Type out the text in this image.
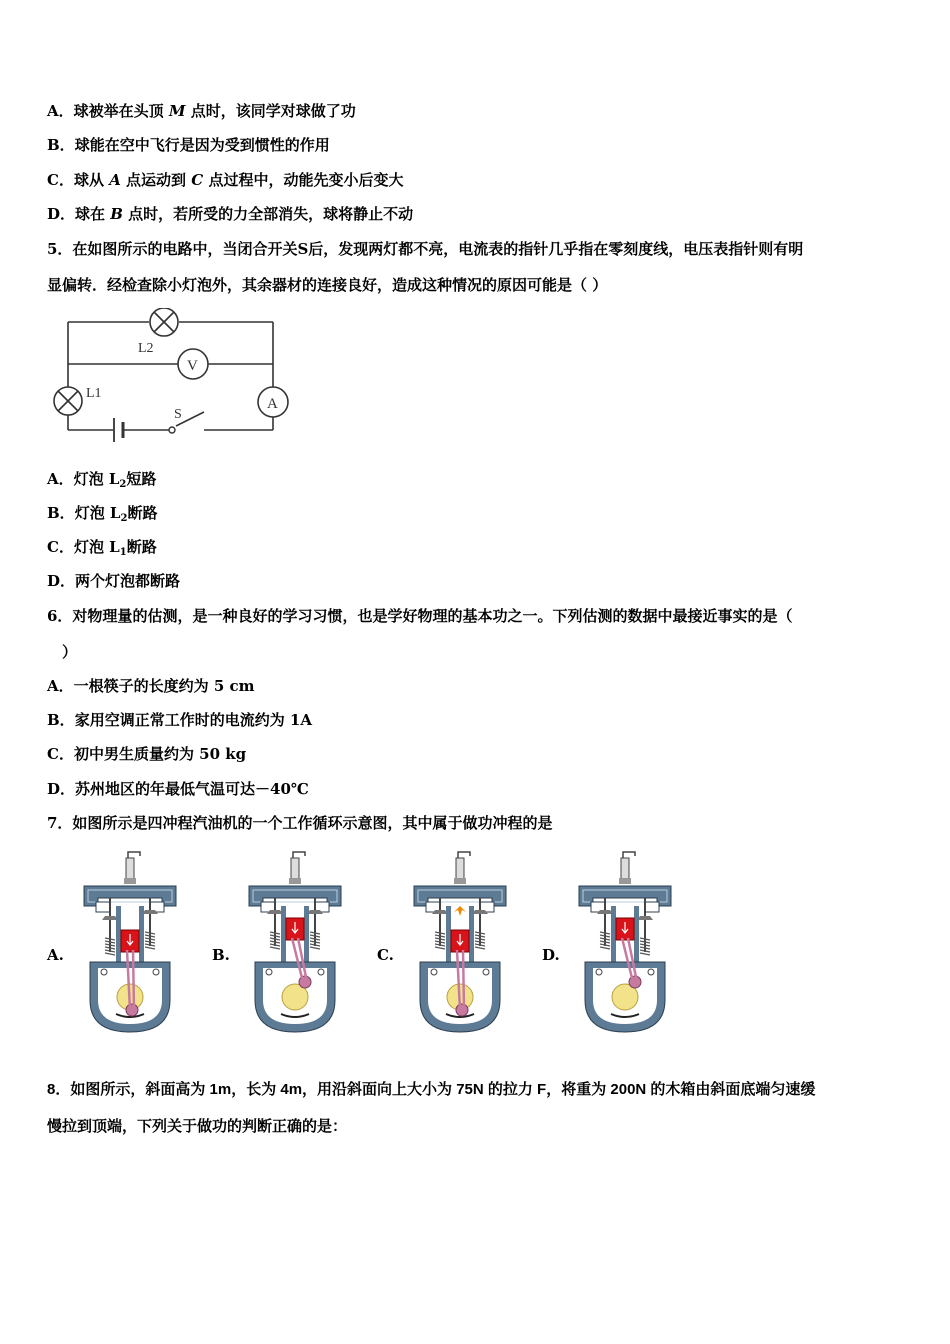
A．球被举在头顶 M 点时，该同学对球做了功
B．球能在空中飞行是因为受到惯性的作用
C．球从 A 点运动到 C 点过程中，动能先变小后变大
D．球在 B 点时，若所受的力全部消失，球将静止不动
5．在如图所示的电路中，当闭合开关S后，发现两灯都不亮，电流表的指针几乎指在零刻度线，电压表指针则有明
显偏转．经检查除小灯泡外，其余器材的连接良好，造成这种情况的原因可能是（ ）
L2
V
L1
A
S
A．灯泡 $L_2$短路
B．灯泡 $L_2$断路
C．灯泡 $L_1$断路
D．两个灯泡都断路
6．对物理量的估测，是一种良好的学习习惯，也是学好物理的基本功之一。下列估测的数据中最接近事实的是（
）
A．一根筷子的长度约为 5 cm
B．家用空调正常工作时的电流约为 1A
C．初中男生质量约为 50 kg
D．苏州地区的年最低气温可达－40℃
7．如图所示是四冲程汽油机的一个工作循环示意图，其中属于做功冲程的是
A.	B.	C.	D.
8．如图所示，斜面高为 1m，长为 4m，用沿斜面向上大小为 75N 的拉力 F，将重为 200N 的木箱由斜面底端匀速缓
慢拉到顶端，下列关于做功的判断正确的是：
